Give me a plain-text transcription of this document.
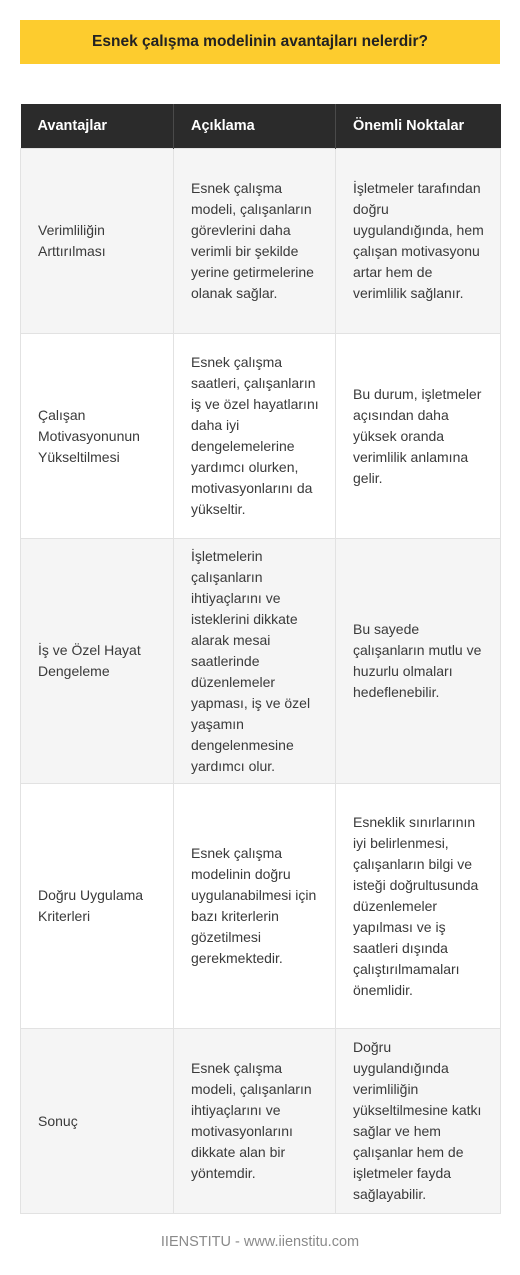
Esnek çalışma modelinin avantajları nelerdir?
Avantajlar	Açıklama	Önemli Noktalar
Verimliliğin Arttırılması	Esnek çalışma modeli, çalışanların görevlerini daha verimli bir şekilde yerine getirmelerine olanak sağlar.	İşletmeler tarafından doğru uygulandığında, hem çalışan motivasyonu artar hem de verimlilik sağlanır.
Çalışan Motivasyonunun Yükseltilmesi	Esnek çalışma saatleri, çalışanların iş ve özel hayatlarını daha iyi dengelemelerine yardımcı olurken, motivasyonlarını da yükseltir.	Bu durum, işletmeler açısından daha yüksek oranda verimlilik anlamına gelir.
İş ve Özel Hayat Dengeleme	İşletmelerin çalışanların ihtiyaçlarını ve isteklerini dikkate alarak mesai saatlerinde düzenlemeler yapması, iş ve özel yaşamın dengelenmesine yardımcı olur.	Bu sayede çalışanların mutlu ve huzurlu olmaları hedeflenebilir.
Doğru Uygulama Kriterleri	Esnek çalışma modelinin doğru uygulanabilmesi için bazı kriterlerin gözetilmesi gerekmektedir.	Esneklik sınırlarının iyi belirlenmesi, çalışanların bilgi ve isteği doğrultusunda düzenlemeler yapılması ve iş saatleri dışında çalıştırılmamaları önemlidir.
Sonuç	Esnek çalışma modeli, çalışanların ihtiyaçlarını ve motivasyonlarını dikkate alan bir yöntemdir.	Doğru uygulandığında verimliliğin yükseltilmesine katkı sağlar ve hem çalışanlar hem de işletmeler fayda sağlayabilir.
IIENSTITU - www.iienstitu.com
